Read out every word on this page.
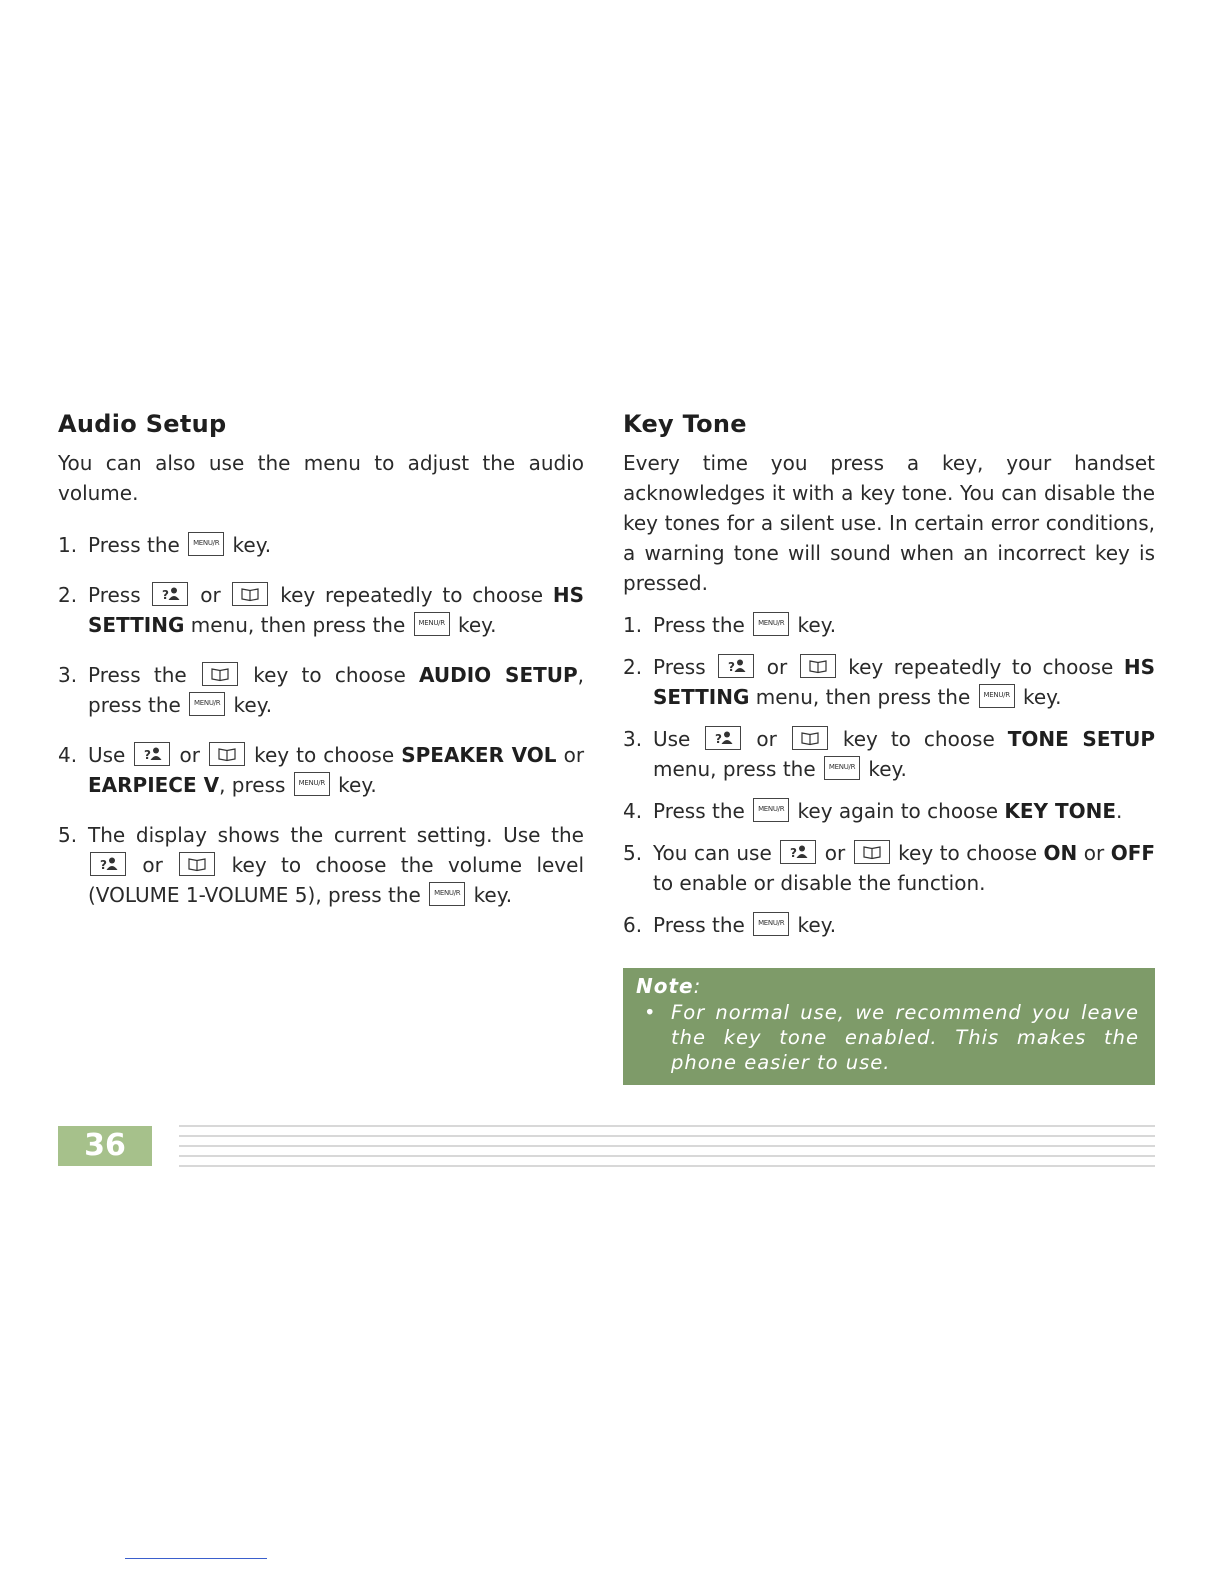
Audio Setup

You can also use the menu to adjust the audio volume.

1. Press the	MENU/R key.
2. Press ? or	key repeatedly to choose HS SETTING menu, then press the	MENU/R key.
3. Press the	key to choose AUDIO SETUP, press the	MENU/R key.
4. Use ? or	key to choose SPEAKER VOL or EARPIECE V, press	MENU/R key.
5. The display shows the current setting. Use the
? or	key to choose the volume level (VOLUME 1-VOLUME 5), press the	MENU/R key.
Key Tone

Every time you press a key, your handset acknowledges it with a key tone. You can disable the key tones for a silent use. In certain error conditions, a warning tone will sound when an incorrect key is pressed.

1. Press the	MENU/R key.
2. Press ? or	key repeatedly to choose HS SETTING menu, then press the	MENU/R key.
3. Use ? or	key to choose TONE SETUP menu, press the	MENU/R key.
4. Press the	MENU/R key again to choose KEY TONE.
5. You can use ? or	key to choose ON or OFF to enable or disable the function.
6. Press the	MENU/R key.
Note:
• For normal use, we recommend you leave the key tone enabled. This makes the phone easier to use.
36
